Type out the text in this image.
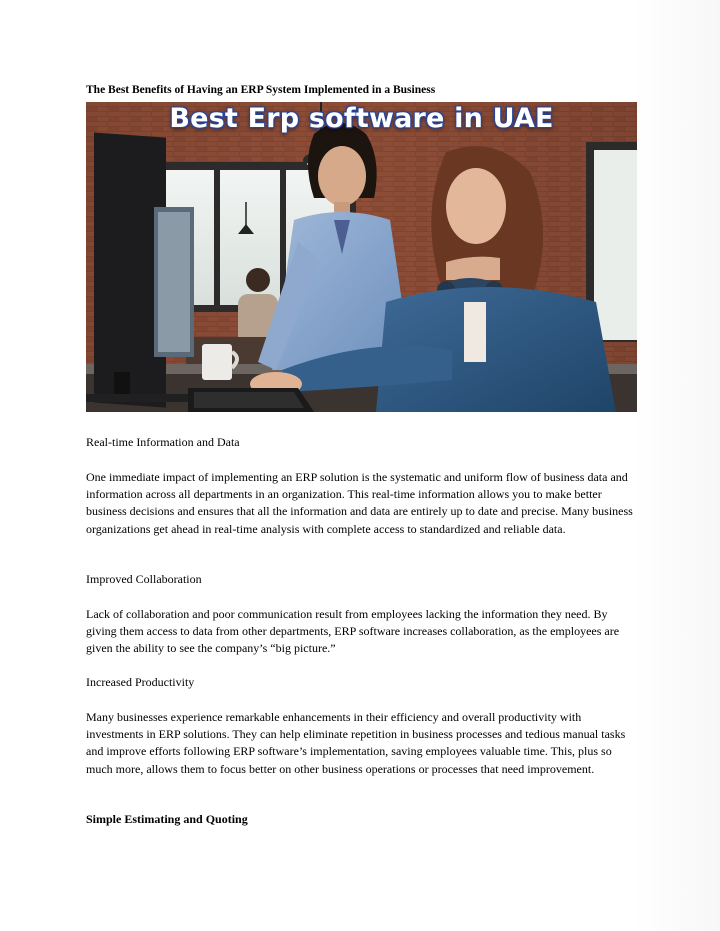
The Best Benefits of Having an ERP System Implemented in a Business
Best Erp software in UAE

Real-time Information and Data

One immediate impact of implementing an ERP solution is the systematic and uniform flow of business data and information across all departments in an organization. This real-time information allows you to make better business decisions and ensures that all the information and data are entirely up to date and precise. Many business organizations get ahead in real-time analysis with complete access to standardized and reliable data.

Improved Collaboration

Lack of collaboration and poor communication result from employees lacking the information they need. By giving them access to data from other departments, ERP software increases collaboration, as the employees are given the ability to see the company’s “big picture.”

Increased Productivity

Many businesses experience remarkable enhancements in their efficiency and overall productivity with investments in ERP solutions. They can help eliminate repetition in business processes and tedious manual tasks and improve efforts following ERP software’s implementation, saving employees valuable time. This, plus so much more, allows them to focus better on other business operations or processes that need improvement.

Simple Estimating and Quoting
